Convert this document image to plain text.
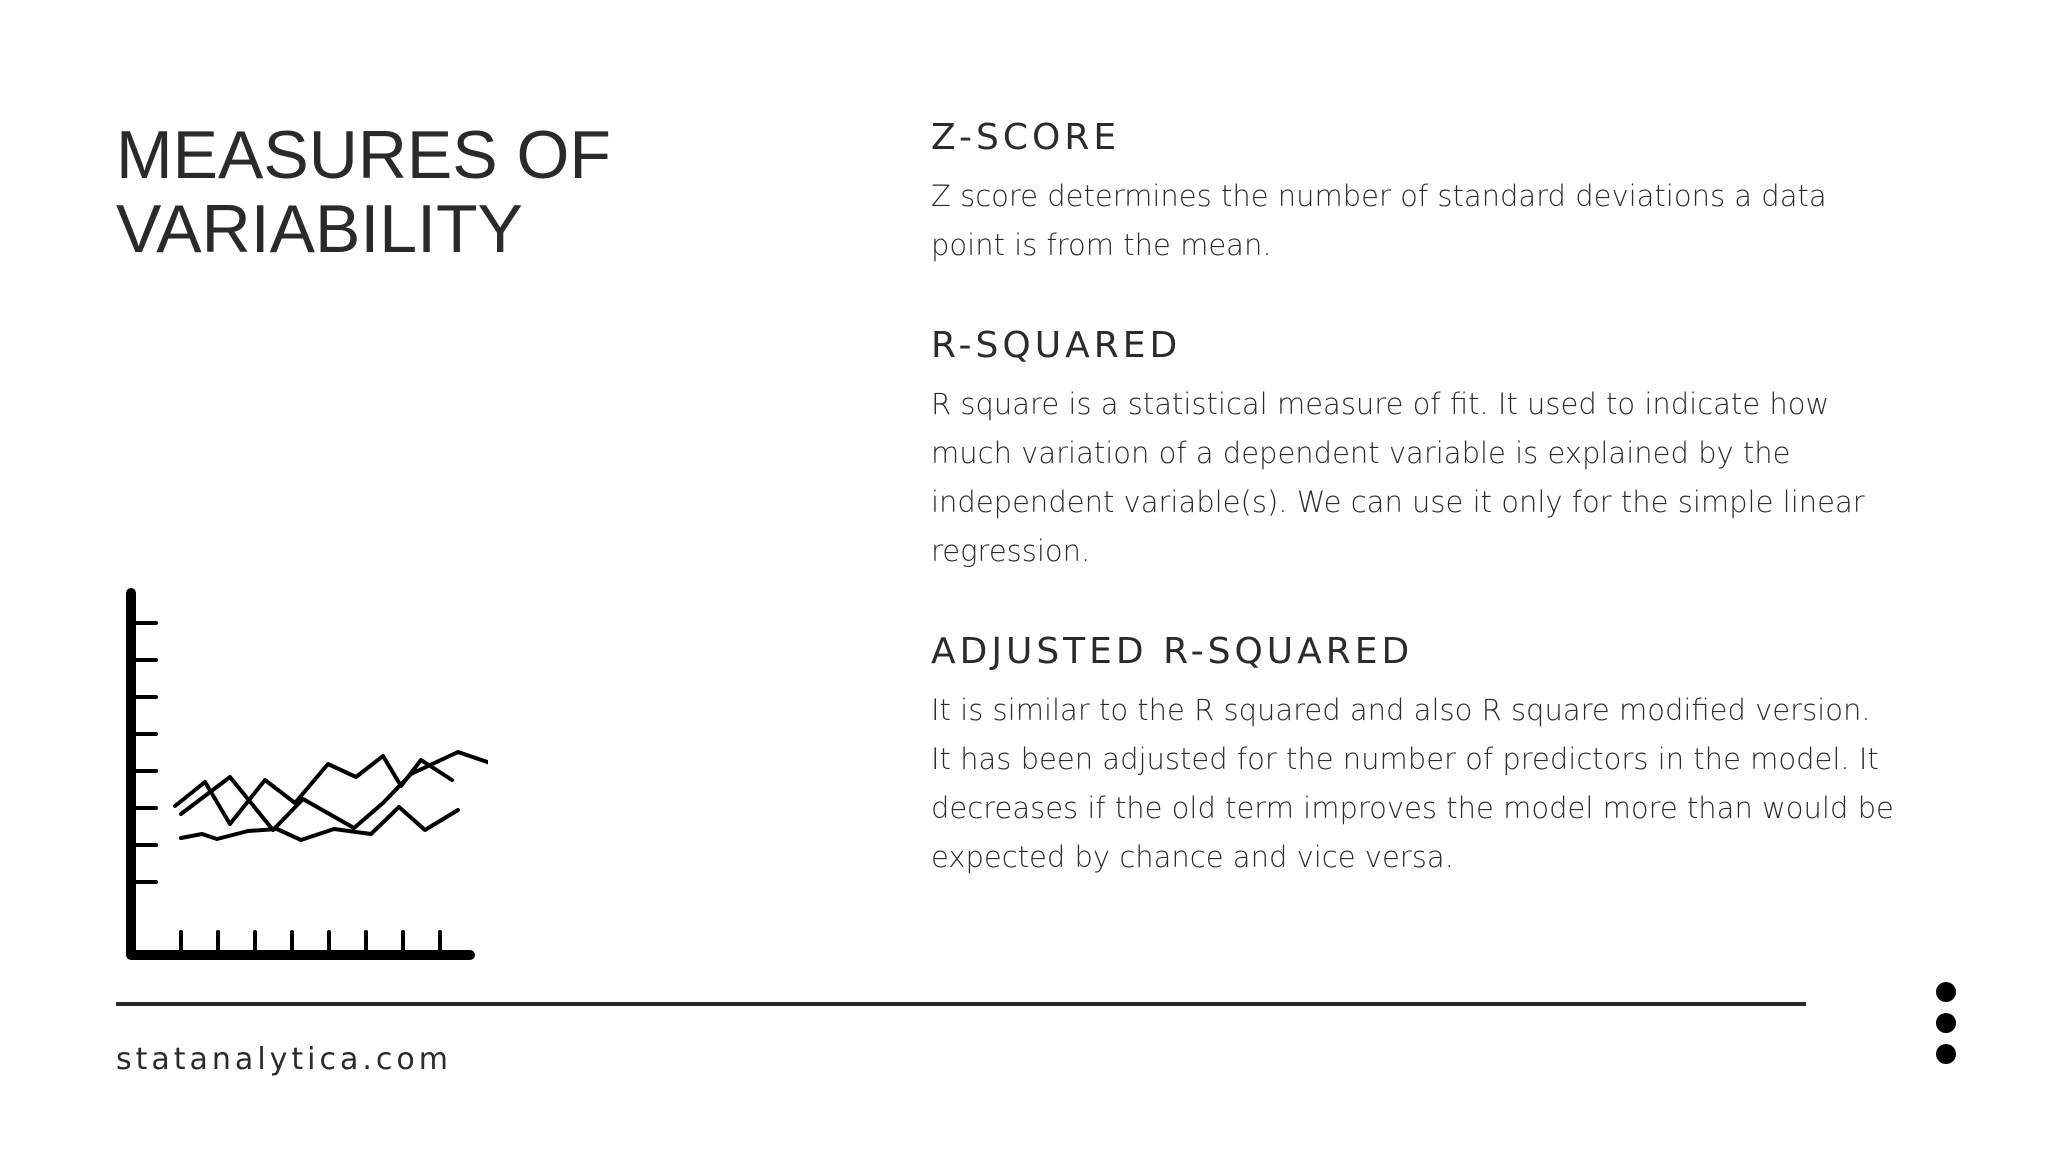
MEASURES OF
VARIABILITY
Z-SCORE

Z score determines the number of standard deviations a data
point is from the mean.

R-SQUARED

R square is a statistical measure of fit. It used to indicate how
much variation of a dependent variable is explained by the
independent variable(s). We can use it only for the simple linear
regression.

ADJUSTED R-SQUARED

It is similar to the R squared and also R square modified version.
It has been adjusted for the number of predictors in the model. It
decreases if the old term improves the model more than would be
expected by chance and vice versa.

statanalytica.com
